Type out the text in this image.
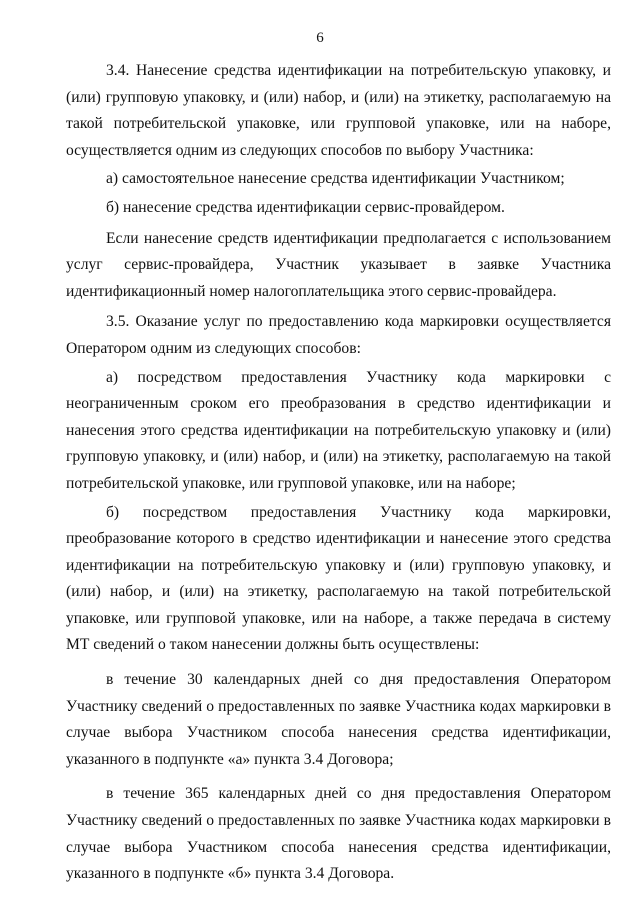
6

3.4. Нанесение средства идентификации на потребительскую упаковку, и (или) групповую упаковку, и (или) набор, и (или) на этикетку, располагаемую на такой потребительской упаковке, или групповой упаковке, или на наборе, осуществляется одним из следующих способов по выбору Участника:

а) самостоятельное нанесение средства идентификации Участником;

б) нанесение средства идентификации сервис-провайдером.

Если нанесение средств идентификации предполагается с использованием услуг сервис-провайдера, Участник указывает в заявке Участника идентификационный номер налогоплательщика этого сервис-провайдера.

3.5. Оказание услуг по предоставлению кода маркировки осуществляется Оператором одним из следующих способов:

а) посредством предоставления Участнику кода маркировки с неограниченным сроком его преобразования в средство идентификации и нанесения этого средства идентификации на потребительскую упаковку и (или) групповую упаковку, и (или) набор, и (или) на этикетку, располагаемую на такой потребительской упаковке, или групповой упаковке, или на наборе;

б) посредством предоставления Участнику кода маркировки, преобразование которого в средство идентификации и нанесение этого средства идентификации на потребительскую упаковку и (или) групповую упаковку, и (или) набор, и (или) на этикетку, располагаемую на такой потребительской упаковке, или групповой упаковке, или на наборе, а также передача в систему МТ сведений о таком нанесении должны быть осуществлены:

в течение 30 календарных дней со дня предоставления Оператором Участнику сведений о предоставленных по заявке Участника кодах маркировки в случае выбора Участником способа нанесения средства идентификации, указанного в подпункте «а» пункта 3.4 Договора;

в течение 365 календарных дней со дня предоставления Оператором Участнику сведений о предоставленных по заявке Участника кодах маркировки в случае выбора Участником способа нанесения средства идентификации, указанного в подпункте «б» пункта 3.4 Договора.
